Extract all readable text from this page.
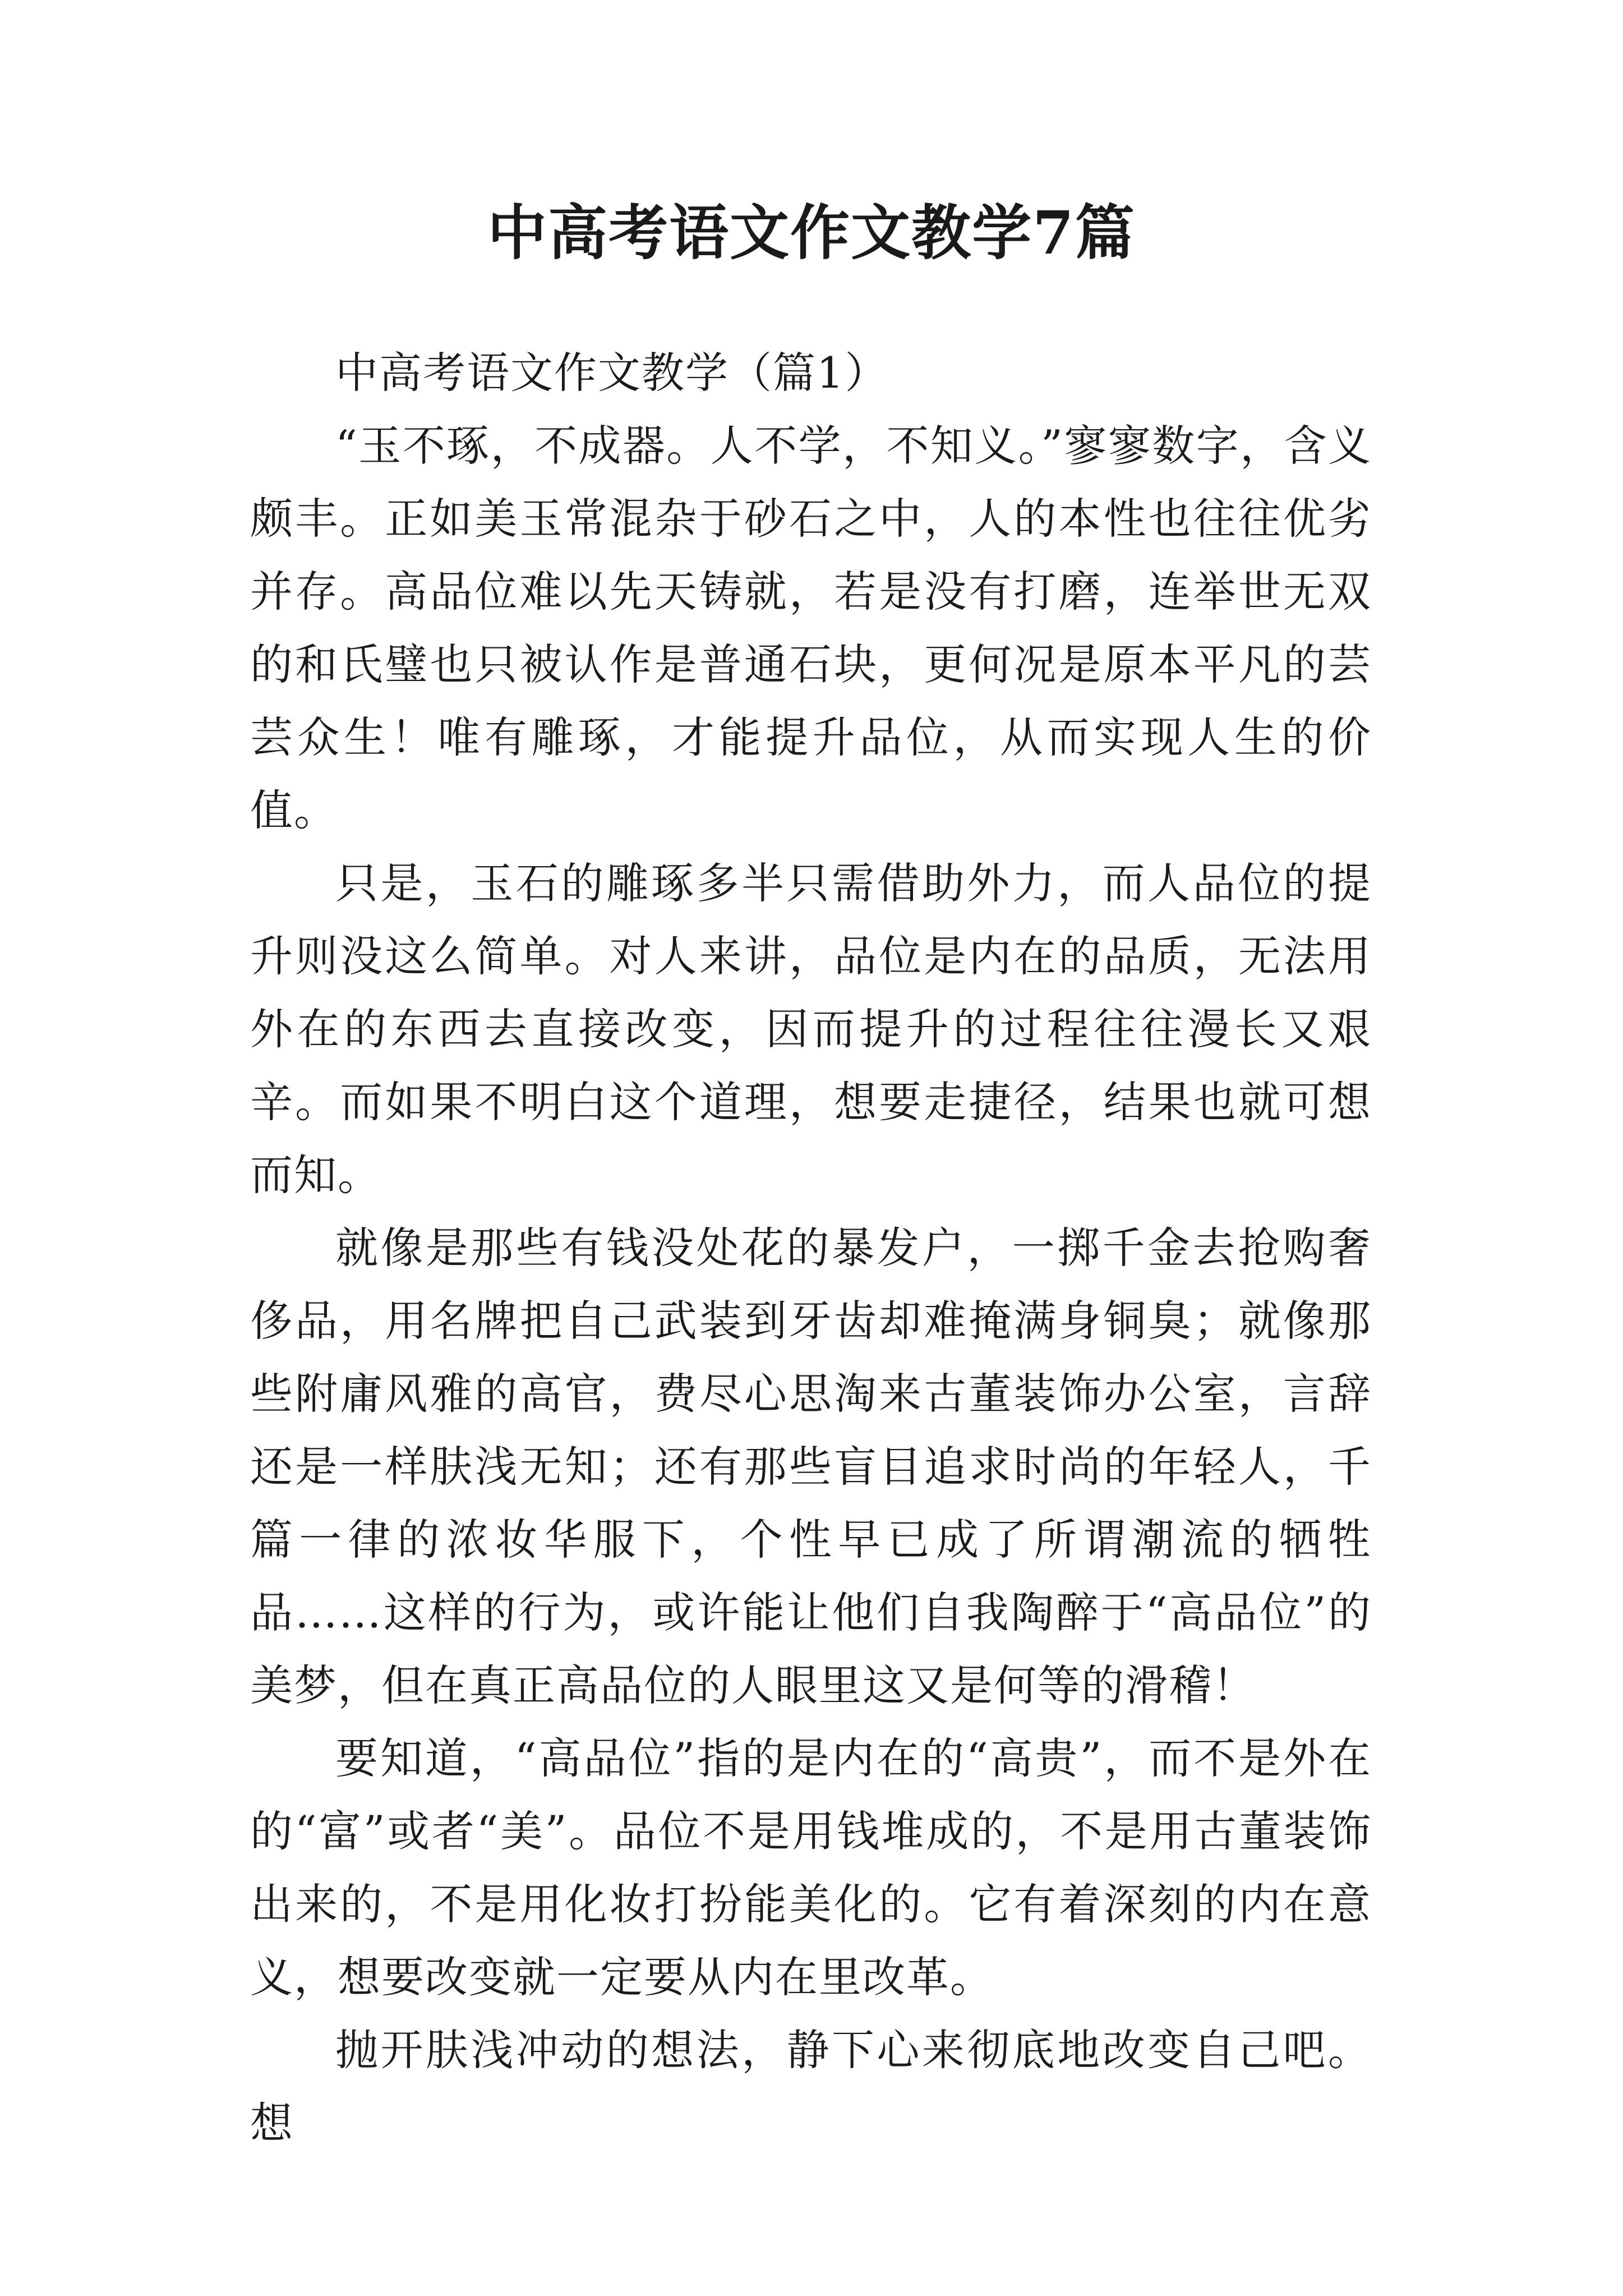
中高考语文作文教学7篇

中高考语文作文教学（篇1）

“玉不琢，不成器。人不学，不知义。”寥寥数字，含义颇丰。正如美玉常混杂于砂石之中，人的本性也往往优劣并存。高品位难以先天铸就，若是没有打磨，连举世无双的和氏璧也只被认作是普通石块，更何况是原本平凡的芸芸众生！唯有雕琢，才能提升品位，从而实现人生的价值。

只是，玉石的雕琢多半只需借助外力，而人品位的提升则没这么简单。对人来讲，品位是内在的品质，无法用外在的东西去直接改变，因而提升的过程往往漫长又艰辛。而如果不明白这个道理，想要走捷径，结果也就可想而知。

就像是那些有钱没处花的暴发户，一掷千金去抢购奢侈品，用名牌把自己武装到牙齿却难掩满身铜臭；就像那些附庸风雅的高官，费尽心思淘来古董装饰办公室，言辞还是一样肤浅无知；还有那些盲目追求时尚的年轻人，千篇一律的浓妆华服下，个性早已成了所谓潮流的牺牲品……这样的行为，或许能让他们自我陶醉于“高品位”的美梦，但在真正高品位的人眼里这又是何等的滑稽！

要知道，“高品位”指的是内在的“高贵”，而不是外在的“富”或者“美”。品位不是用钱堆成的，不是用古董装饰出来的，不是用化妆打扮能美化的。它有着深刻的内在意义，想要改变就一定要从内在里改革。

抛开肤浅冲动的想法，静下心来彻底地改变自己吧。想
